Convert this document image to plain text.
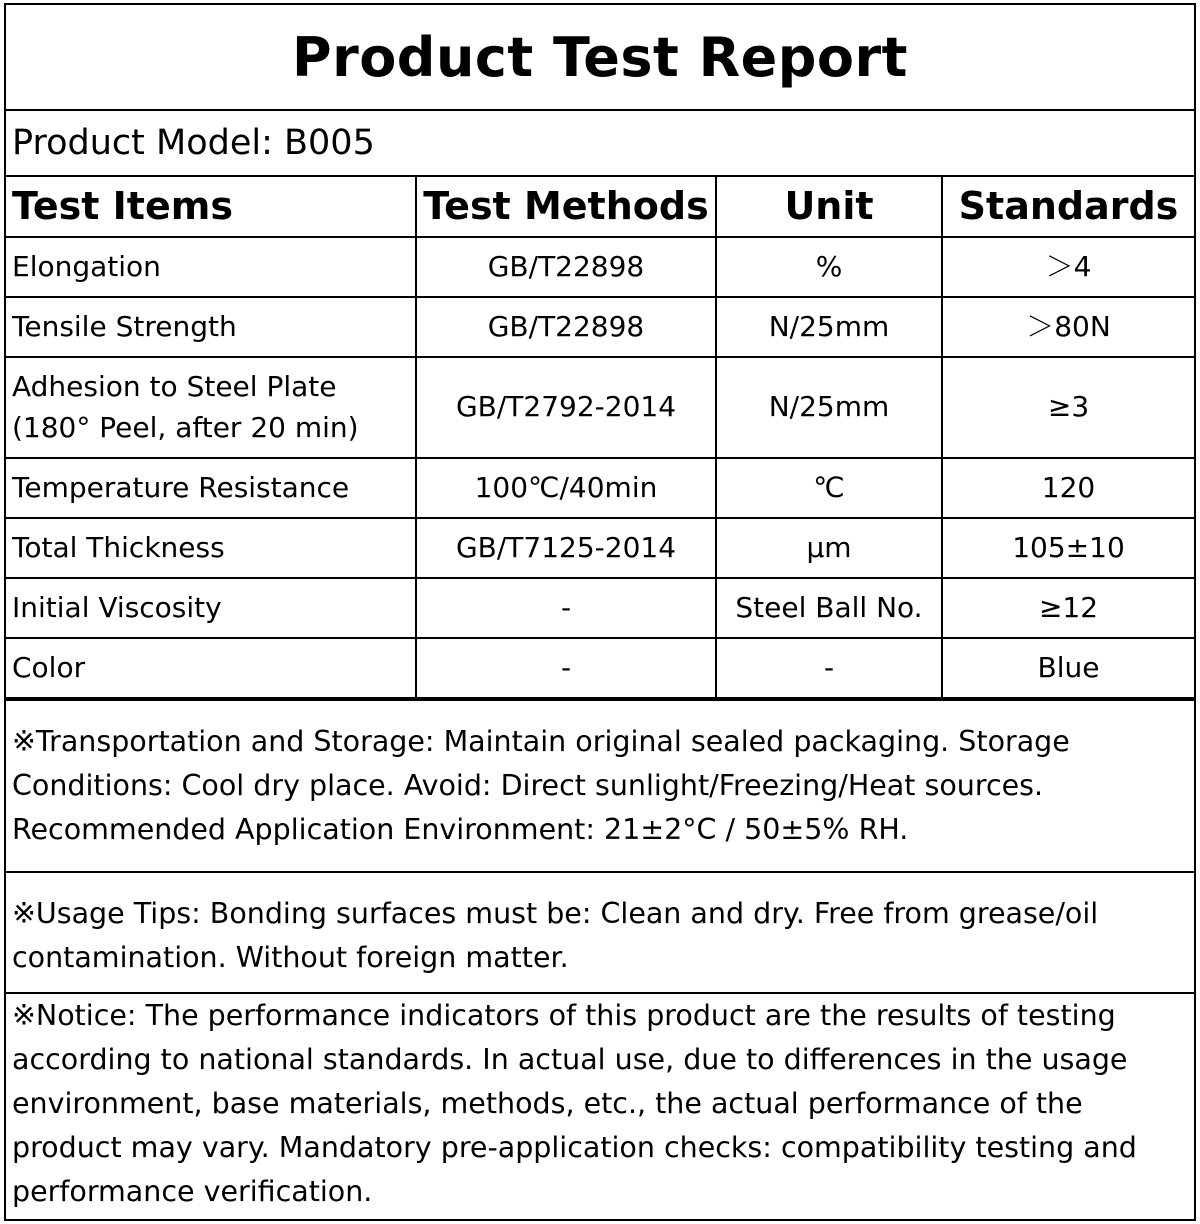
Product Test Report
Product Model: B005
Test Items	Test Methods	Unit	Standards
Elongation	GB/T22898	%	＞4
Tensile Strength	GB/T22898	N/25mm	＞80N

Adhesion to Steel Plate
(180° Peel, after 20 min)	GB/T2792-2014	N/25mm	≥3
Temperature Resistance	100℃/40min	℃	120
Total Thickness	GB/T7125-2014	μm	105±10
Initial Viscosity	-	Steel Ball No.	≥12
Color	-	-	Blue
※Transportation and Storage: Maintain original sealed packaging. Storage Conditions: Cool dry place. Avoid: Direct sunlight/Freezing/Heat sources. Recommended Application Environment: 21±2°C / 50±5% RH.
※Usage Tips: Bonding surfaces must be: Clean and dry. Free from grease/oil contamination. Without foreign matter.
※Notice: The performance indicators of this product are the results of testing according to national standards. In actual use, due to differences in the usage environment, base materials, methods, etc., the actual performance of the product may vary. Mandatory pre-application checks: compatibility testing and performance verification.
